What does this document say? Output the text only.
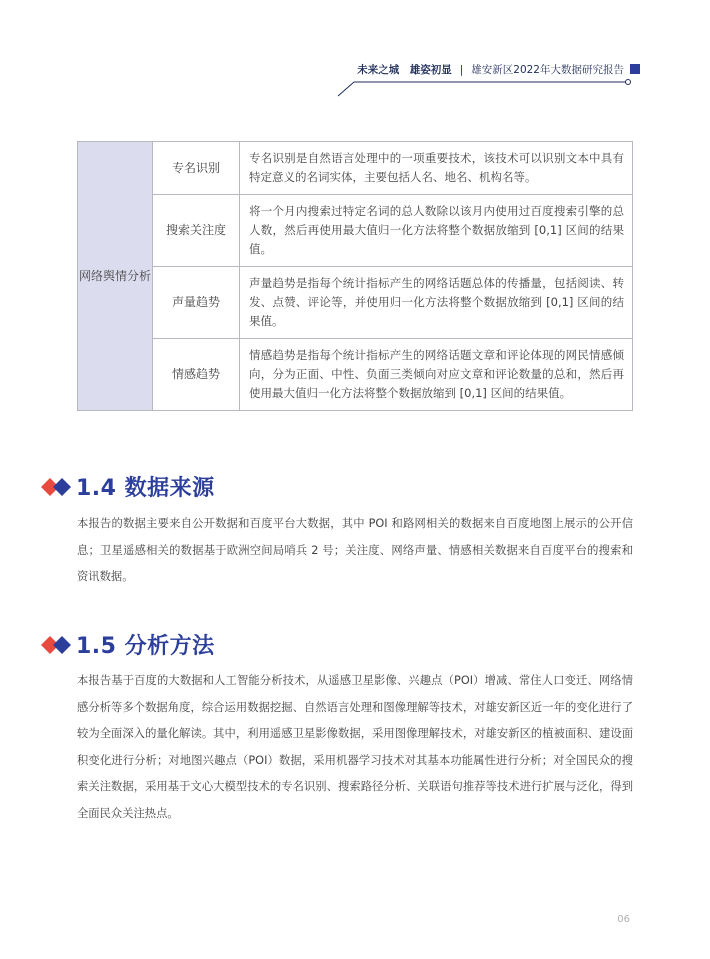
未来之城　雄姿初显 | 雄安新区2022年大数据研究报告
网络舆情分析	专名识别	专名识别是自然语言处理中的一项重要技术，该技术可以识别文本中具有特定意义的名词实体，主要包括人名、地名、机构名等。
	搜索关注度	将一个月内搜索过特定名词的总人数除以该月内使用过百度搜索引擎的总人数，然后再使用最大值归一化方法将整个数据放缩到 [0,1] 区间的结果值。
	声量趋势	声量趋势是指每个统计指标产生的网络话题总体的传播量，包括阅读、转发、点赞、评论等，并使用归一化方法将整个数据放缩到 [0,1] 区间的结果值。
	情感趋势	情感趋势是指每个统计指标产生的网络话题文章和评论体现的网民情感倾向，分为正面、中性、负面三类倾向对应文章和评论数量的总和，然后再使用最大值归一化方法将整个数据放缩到 [0,1] 区间的结果值。
1.4 数据来源

本报告的数据主要来自公开数据和百度平台大数据，其中 POI 和路网相关的数据来自百度地图上展示的公开信息；卫星遥感相关的数据基于欧洲空间局哨兵 2 号；关注度、网络声量、情感相关数据来自百度平台的搜索和资讯数据。

1.5 分析方法

本报告基于百度的大数据和人工智能分析技术，从遥感卫星影像、兴趣点（POI）增减、常住人口变迁、网络情感分析等多个数据角度，综合运用数据挖掘、自然语言处理和图像理解等技术，对雄安新区近一年的变化进行了较为全面深入的量化解读。其中，利用遥感卫星影像数据，采用图像理解技术，对雄安新区的植被面积、建设面积变化进行分析；对地图兴趣点（POI）数据，采用机器学习技术对其基本功能属性进行分析；对全国民众的搜索关注数据，采用基于文心大模型技术的专名识别、搜索路径分析、关联语句推荐等技术进行扩展与泛化，得到全面民众关注热点。

06
